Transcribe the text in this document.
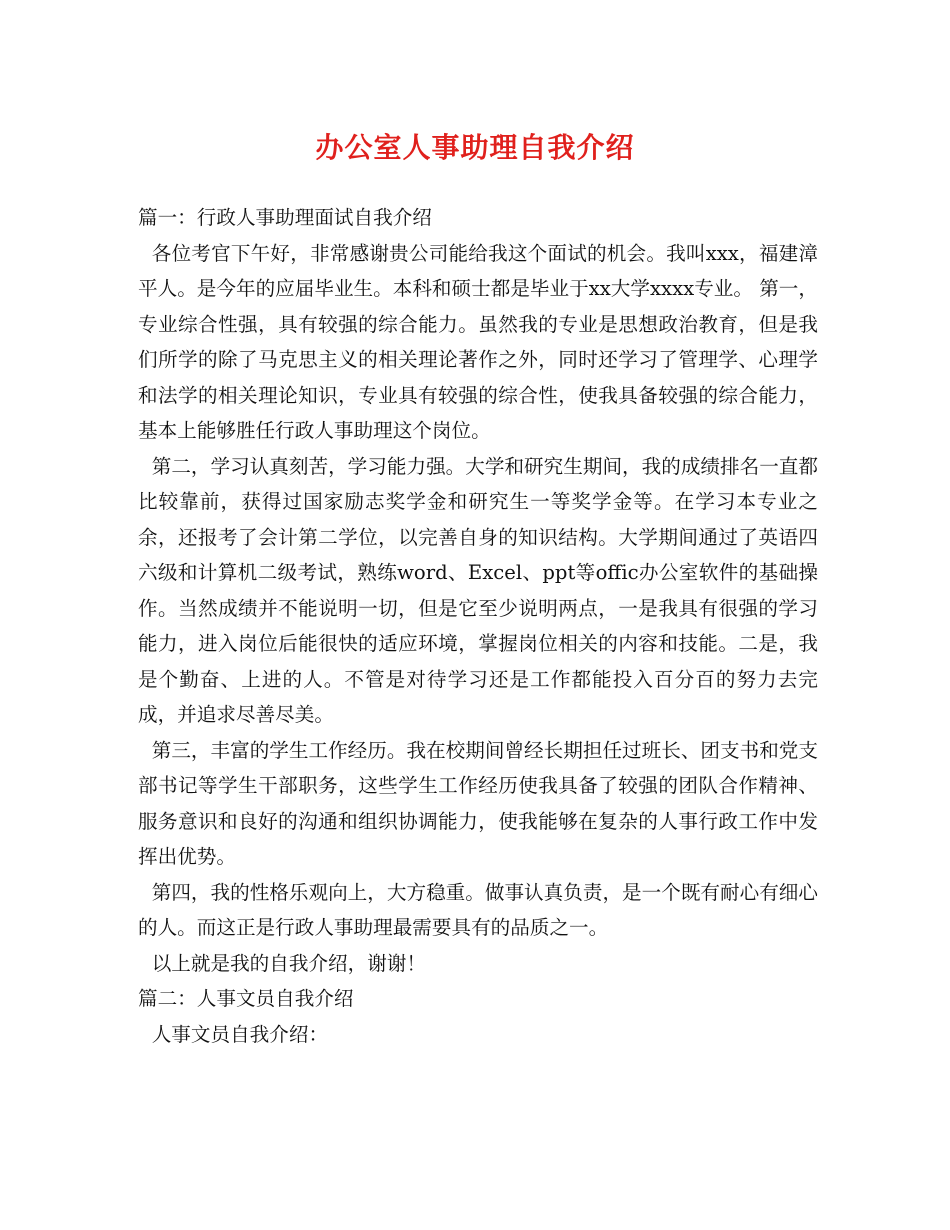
办公室人事助理自我介绍

篇一：行政人事助理面试自我介绍

各位考官下午好，非常感谢贵公司能给我这个面试的机会。我叫xxx，福建漳平人。是今年的应届毕业生。本科和硕士都是毕业于xx大学xxxx专业。 第一，专业综合性强，具有较强的综合能力。虽然我的专业是思想政治教育，但是我们所学的除了马克思主义的相关理论著作之外，同时还学习了管理学、心理学和法学的相关理论知识，专业具有较强的综合性，使我具备较强的综合能力，基本上能够胜任行政人事助理这个岗位。

第二，学习认真刻苦，学习能力强。大学和研究生期间，我的成绩排名一直都比较靠前，获得过国家励志奖学金和研究生一等奖学金等。在学习本专业之余，还报考了会计第二学位，以完善自身的知识结构。大学期间通过了英语四六级和计算机二级考试，熟练word、Excel、ppt等offic办公室软件的基础操作。当然成绩并不能说明一切，但是它至少说明两点，一是我具有很强的学习能力，进入岗位后能很快的适应环境，掌握岗位相关的内容和技能。二是，我是个勤奋、上进的人。不管是对待学习还是工作都能投入百分百的努力去完成，并追求尽善尽美。

第三，丰富的学生工作经历。我在校期间曾经长期担任过班长、团支书和党支部书记等学生干部职务，这些学生工作经历使我具备了较强的团队合作精神、服务意识和良好的沟通和组织协调能力，使我能够在复杂的人事行政工作中发挥出优势。

第四，我的性格乐观向上，大方稳重。做事认真负责，是一个既有耐心有细心的人。而这正是行政人事助理最需要具有的品质之一。

以上就是我的自我介绍，谢谢！

篇二：人事文员自我介绍

人事文员自我介绍：
